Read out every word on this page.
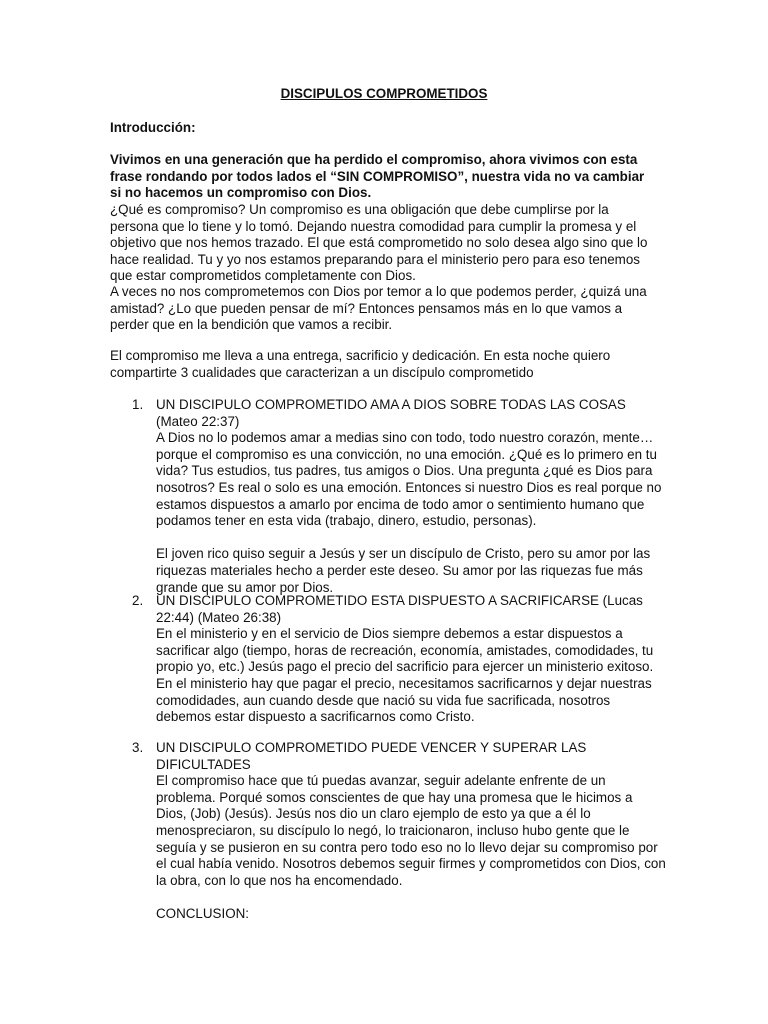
DISCIPULOS COMPROMETIDOS

Introducción:

Vivimos en una generación que ha perdido el compromiso, ahora vivimos con esta frase rondando por todos lados el “SIN COMPROMISO”, nuestra vida no va cambiar si no hacemos un compromiso con Dios.

¿Qué es compromiso? Un compromiso es una obligación que debe cumplirse por la persona que lo tiene y lo tomó. Dejando nuestra comodidad para cumplir la promesa y el objetivo que nos hemos trazado. El que está comprometido no solo desea algo sino que lo hace realidad. Tu y yo nos estamos preparando para el ministerio pero para eso tenemos que estar comprometidos completamente con Dios.

A veces no nos comprometemos con Dios por temor a lo que podemos perder, ¿quizá una amistad? ¿Lo que pueden pensar de mí? Entonces pensamos más en lo que vamos a perder que en la bendición que vamos a recibir.

El compromiso me lleva a una entrega, sacrificio y dedicación. En esta noche quiero compartirte 3 cualidades que caracterizan a un discípulo comprometido

1. UN DISCIPULO COMPROMETIDO AMA A DIOS SOBRE TODAS LAS COSAS (Mateo 22:37)

A Dios no lo podemos amar a medias sino con todo, todo nuestro corazón, mente… porque el compromiso es una convicción, no una emoción. ¿Qué es lo primero en tu vida? Tus estudios, tus padres, tus amigos o Dios. Una pregunta ¿qué es Dios para nosotros? Es real o solo es una emoción. Entonces si nuestro Dios es real porque no estamos dispuestos a amarlo por encima de todo amor o sentimiento humano que podamos tener en esta vida (trabajo, dinero, estudio, personas).

El joven rico quiso seguir a Jesús y ser un discípulo de Cristo, pero su amor por las riquezas materiales hecho a perder este deseo. Su amor por las riquezas fue más grande que su amor por Dios.

2. UN DISCIPULO COMPROMETIDO ESTA DISPUESTO A SACRIFICARSE (Lucas 22:44) (Mateo 26:38)

En el ministerio y en el servicio de Dios siempre debemos a estar dispuestos a sacrificar algo (tiempo, horas de recreación, economía, amistades, comodidades, tu propio yo, etc.) Jesús pago el precio del sacrificio para ejercer un ministerio exitoso. En el ministerio hay que pagar el precio, necesitamos sacrificarnos y dejar nuestras comodidades, aun cuando desde que nació su vida fue sacrificada, nosotros debemos estar dispuesto a sacrificarnos como Cristo.

3. UN DISCIPULO COMPROMETIDO PUEDE VENCER Y SUPERAR LAS DIFICULTADES

El compromiso hace que tú puedas avanzar, seguir adelante enfrente de un problema. Porqué somos conscientes de que hay una promesa que le hicimos a Dios, (Job) (Jesús). Jesús nos dio un claro ejemplo de esto ya que a él lo menospreciaron, su discípulo lo negó, lo traicionaron, incluso hubo gente que le seguía y se pusieron en su contra pero todo eso no lo llevo dejar su compromiso por el cual había venido. Nosotros debemos seguir firmes y comprometidos con Dios, con la obra, con lo que nos ha encomendado.

CONCLUSION:
